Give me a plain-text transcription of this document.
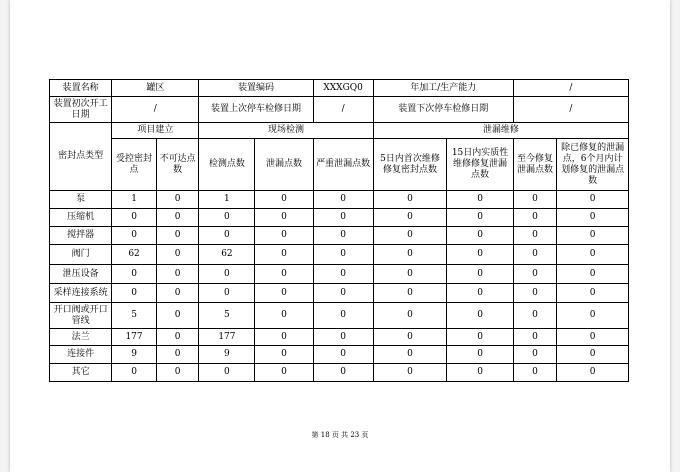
装置名称	罐区		装置编码		XXXGQ0	年加工/生产能力		/	
装置初次开工日期	/		装置上次停车检修日期		/	装置下次停车检修日期		/	
密封点类型	项目建立		现场检测			泄漏维修			
	受控密封点	不可达点数	检测点数	泄漏点数	严重泄漏点数	5日内首次维修修复密封点数	15日内实质性维修修复泄漏点数	至今修复泄漏点数	除已修复的泄漏点，6个月内计划修复的泄漏点数
泵	1	0	1	0	0	0	0	0	0
压缩机	0	0	0	0	0	0	0	0	0
搅拌器	0	0	0	0	0	0	0	0	0
阀门	62	0	62	0	0	0	0	0	0
泄压设备	0	0	0	0	0	0	0	0	0
采样连接系统	0	0	0	0	0	0	0	0	0
开口阀或开口管线	5	0	5	0	0	0	0	0	0
法兰	177	0	177	0	0	0	0	0	0
连接件	9	0	9	0	0	0	0	0	0
其它	0	0	0	0	0	0	0	0	0
第 18 页 共 23 页
